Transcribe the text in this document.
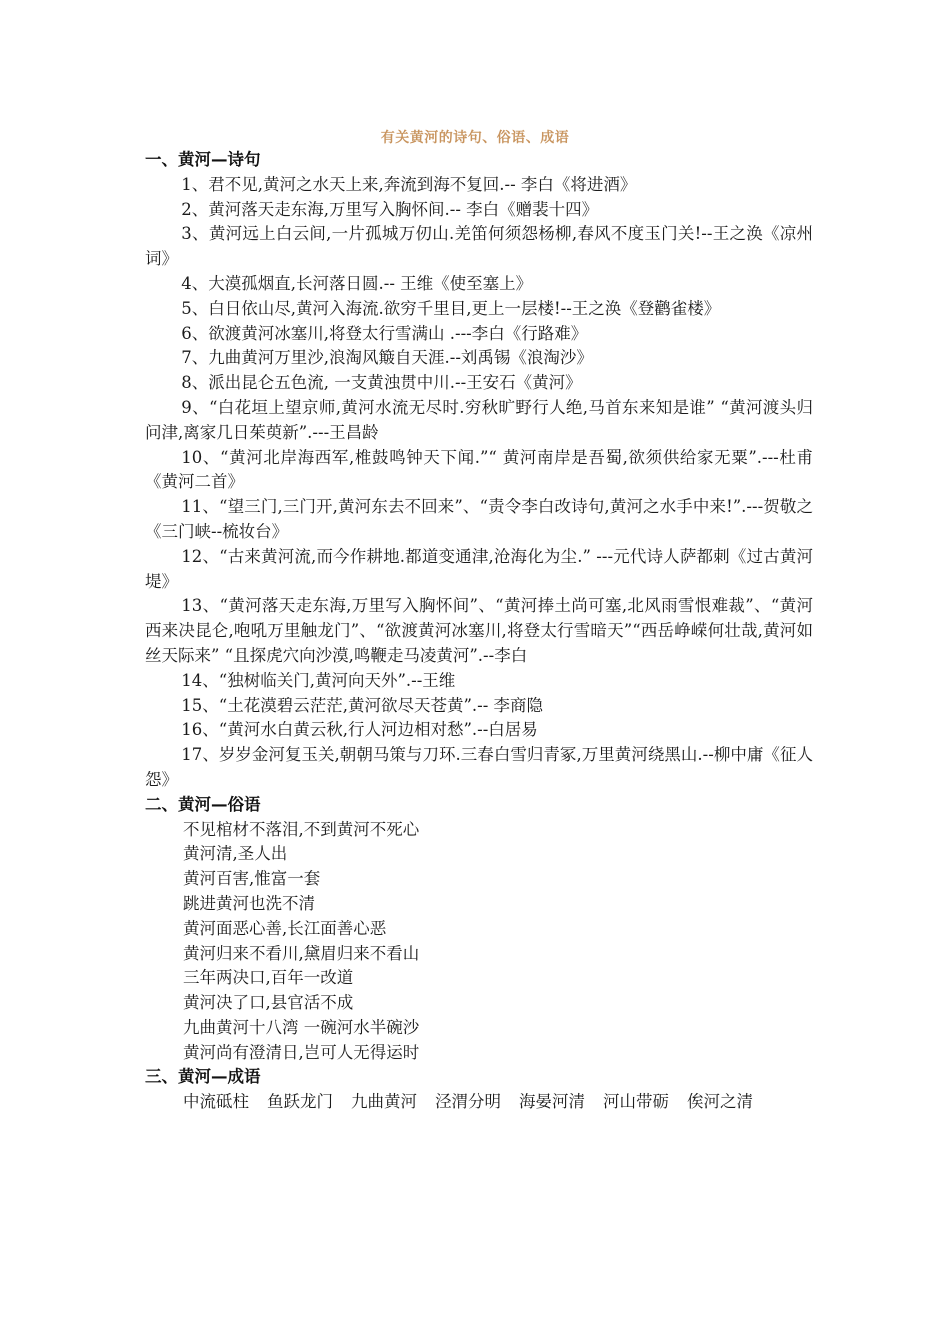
有关黄河的诗句、俗语、成语
一、黄河—诗句

1、君不见,黄河之水天上来,奔流到海不复回.-- 李白《将进酒》

2、黄河落天走东海,万里写入胸怀间.-- 李白《赠裴十四》

3、黄河远上白云间,一片孤城万仞山.羌笛何须怨杨柳,春风不度玉门关!--王之涣《凉州词》

4、大漠孤烟直,长河落日圆.-- 王维《使至塞上》

5、白日依山尽,黄河入海流.欲穷千里目,更上一层楼!--王之涣《登鹳雀楼》

6、欲渡黄河冰塞川,将登太行雪满山 .---李白《行路难》

7、九曲黄河万里沙,浪淘风簸自天涯.--刘禹锡《浪淘沙》

8、派出昆仑五色流, 一支黄浊贯中川.--王安石《黄河》

9、“白花垣上望京师,黄河水流无尽时.穷秋旷野行人绝,马首东来知是谁” “黄河渡头归问津,离家几日茱萸新”.---王昌龄

10、“黄河北岸海西军,椎鼓鸣钟天下闻.”“ 黄河南岸是吾蜀,欲须供给家无粟”.---杜甫《黄河二首》

11、“望三门,三门开,黄河东去不回来”、“责令李白改诗句,黄河之水手中来!”.---贺敬之《三门峡--梳妆台》

12、“古来黄河流,而今作耕地.都道变通津,沧海化为尘.” ---元代诗人萨都刺《过古黄河堤》

13、“黄河落天走东海,万里写入胸怀间”、“黄河捧土尚可塞,北风雨雪恨难裁”、“黄河西来决昆仑,咆吼万里触龙门”、“欲渡黄河冰塞川,将登太行雪暗天”“西岳峥嵘何壮哉,黄河如丝天际来” “且探虎穴向沙漠,鸣鞭走马凌黄河”.--李白

14、“独树临关门,黄河向天外”.--王维

15、“土花漠碧云茫茫,黄河欲尽天苍黄”.-- 李商隐

16、“黄河水白黄云秋,行人河边相对愁”.--白居易

17、岁岁金河复玉关,朝朝马策与刀环.三春白雪归青冢,万里黄河绕黑山.--柳中庸《征人怨》

二、黄河—俗语

不见棺材不落泪,不到黄河不死心

黄河清,圣人出

黄河百害,惟富一套

跳进黄河也洗不清

黄河面恶心善,长江面善心恶

黄河归来不看川,黛眉归来不看山

三年两决口,百年一改道

黄河决了口,县官活不成

九曲黄河十八湾 一碗河水半碗沙

黄河尚有澄清日,岂可人无得运时

三、黄河—成语

中流砥柱 鱼跃龙门 九曲黄河 泾渭分明 海晏河清 河山带砺 俟河之清
